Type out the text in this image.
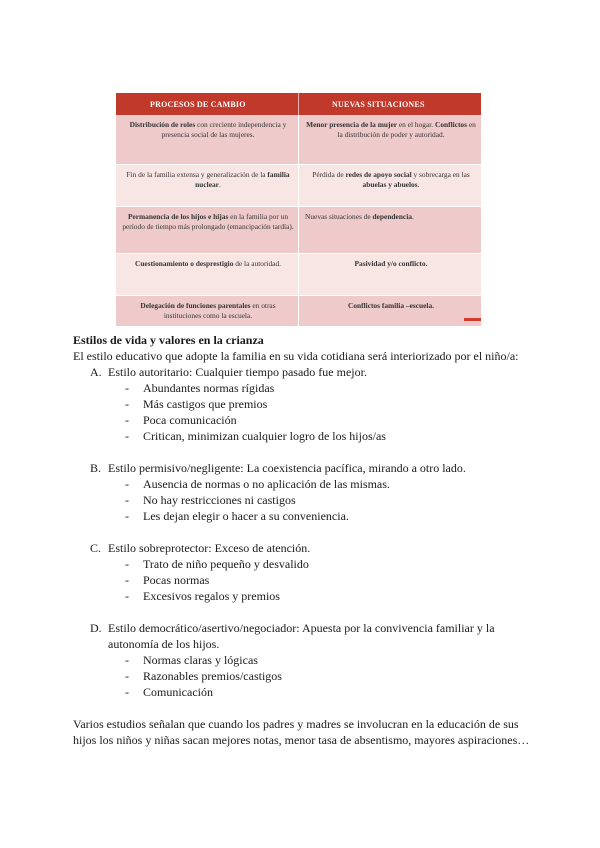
PROCESOS DE CAMBIO	NUEVAS SITUACIONES
Distribución de roles con creciente independencia y presencia social de las mujeres.	Menor presencia de la mujer en el hogar. Conflictos en la distribución de poder y autoridad.
Fin de la familia extensa y generalización de la familia nuclear.	Pérdida de redes de apoyo social y sobrecarga en las abuelas y abuelos.
Permanencia de los hijos e hijas en la familia por un período de tiempo más prolongado (emancipación tardía).	Nuevas situaciones de dependencia.
Cuestionamiento o desprestigio de la autoridad.	Pasividad y/o conflicto.
Delegación de funciones parentales en otras instituciones como la escuela.	Conflictos familia –escuela.

Estilos de vida y valores en la crianza

El estilo educativo que adopte la familia en su vida cotidiana será interiorizado por el niño/a:

A. Estilo autoritario: Cualquier tiempo pasado fue mejor.
-	Abundantes normas rígidas
-	Más castigos que premios
-	Poca comunicación
-	Critican, minimizan cualquier logro de los hijos/as
B. Estilo permisivo/negligente: La coexistencia pacífica, mirando a otro lado.
-	Ausencia de normas o no aplicación de las mismas.
-	No hay restricciones ni castigos
-	Les dejan elegir o hacer a su conveniencia.
C. Estilo sobreprotector: Exceso de atención.
-	Trato de niño pequeño y desvalido
-	Pocas normas
-	Excesivos regalos y premios
D. Estilo democrático/asertivo/negociador: Apuesta por la convivencia familiar y la autonomía de los hijos.
-	Normas claras y lógicas
-	Razonables premios/castigos
-	Comunicación

Varios estudios señalan que cuando los padres y madres se involucran en la educación de sus hijos los niños y niñas sacan mejores notas, menor tasa de absentismo, mayores aspiraciones…
